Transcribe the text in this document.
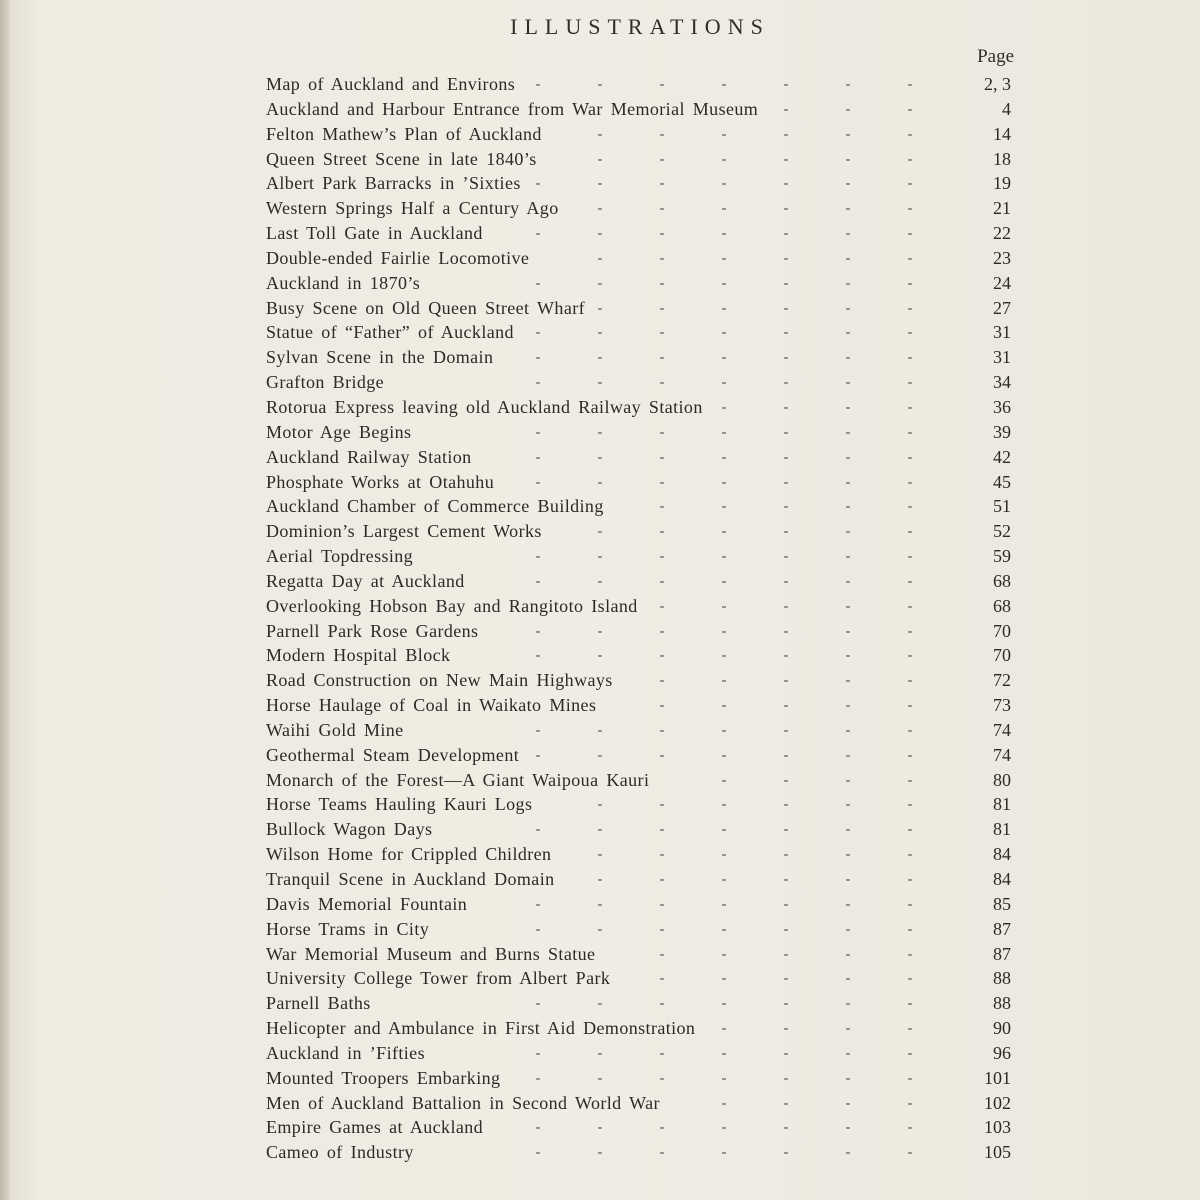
ILLUSTRATIONS
Page
Map of Auckland and Environs	2, 3
-	-	-	-	-	-	-
Auckland and Harbour Entrance from War Memorial Museum	4
-	-	-
Felton Mathew’s Plan of Auckland	14
-	-	-	-	-	-
Queen Street Scene in late 1840’s	18
-	-	-	-	-	-
Albert Park Barracks in ’Sixties	19
-	-	-	-	-	-	-
Western Springs Half a Century Ago	21
-	-	-	-	-	-
Last Toll Gate in Auckland	22
-	-	-	-	-	-	-
Double-ended Fairlie Locomotive	23
-	-	-	-	-	-
Auckland in 1870’s	24
-	-	-	-	-	-	-
Busy Scene on Old Queen Street Wharf	27
-	-	-	-	-	-
Statue of “Father” of Auckland	31
-	-	-	-	-	-	-
Sylvan Scene in the Domain	31
-	-	-	-	-	-	-
Grafton Bridge	34
-	-	-	-	-	-	-
Rotorua Express leaving old Auckland Railway Station	36
-	-	-	-
Motor Age Begins	39
-	-	-	-	-	-	-
Auckland Railway Station	42
-	-	-	-	-	-	-
Phosphate Works at Otahuhu	45
-	-	-	-	-	-	-
Auckland Chamber of Commerce Building	51
-	-	-	-	-
Dominion’s Largest Cement Works	52
-	-	-	-	-	-
Aerial Topdressing	59
-	-	-	-	-	-	-
Regatta Day at Auckland	68
-	-	-	-	-	-	-
Overlooking Hobson Bay and Rangitoto Island	68
-	-	-	-	-
Parnell Park Rose Gardens	70
-	-	-	-	-	-	-
Modern Hospital Block	70
-	-	-	-	-	-	-
Road Construction on New Main Highways	72
-	-	-	-	-
Horse Haulage of Coal in Waikato Mines	73
-	-	-	-	-
Waihi Gold Mine	74
-	-	-	-	-	-	-
Geothermal Steam Development	74
-	-	-	-	-	-	-
Monarch of the Forest—A Giant Waipoua Kauri	80
-	-	-	-
Horse Teams Hauling Kauri Logs	81
-	-	-	-	-	-
Bullock Wagon Days	81
-	-	-	-	-	-	-
Wilson Home for Crippled Children	84
-	-	-	-	-	-
Tranquil Scene in Auckland Domain	84
-	-	-	-	-	-
Davis Memorial Fountain	85
-	-	-	-	-	-	-
Horse Trams in City	87
-	-	-	-	-	-	-
War Memorial Museum and Burns Statue	87
-	-	-	-	-
University College Tower from Albert Park	88
-	-	-	-	-
Parnell Baths	88
-	-	-	-	-	-	-
Helicopter and Ambulance in First Aid Demonstration	90
-	-	-	-
Auckland in ’Fifties	96
-	-	-	-	-	-	-
Mounted Troopers Embarking	101
-	-	-	-	-	-	-
Men of Auckland Battalion in Second World War	102
-	-	-	-
Empire Games at Auckland	103
-	-	-	-	-	-	-
Cameo of Industry	105
-	-	-	-	-	-	-
